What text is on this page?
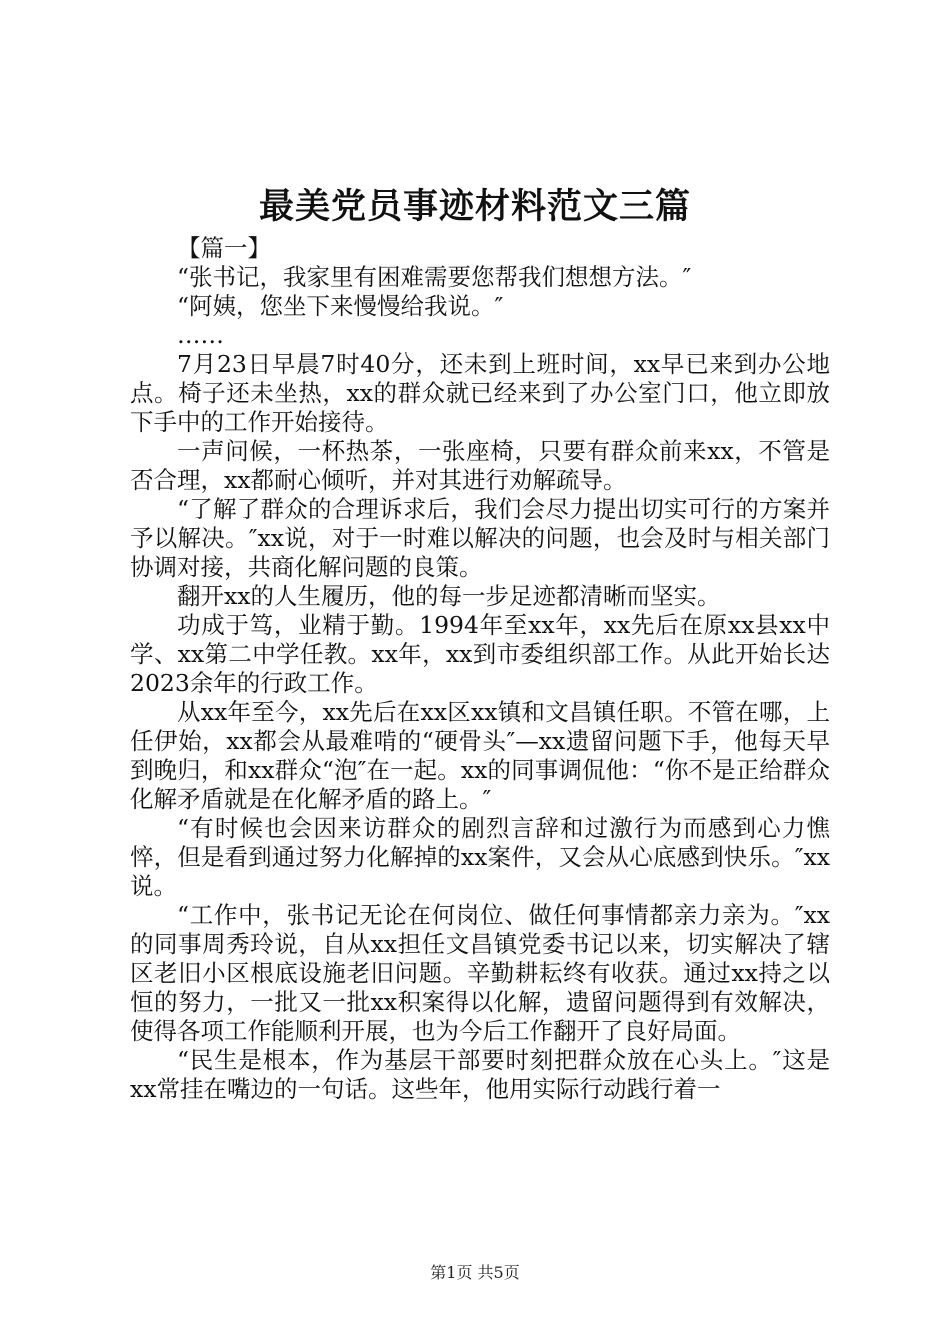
最美党员事迹材料范文三篇

【篇一】

“张书记，我家里有困难需要您帮我们想想方法。″

“阿姨，您坐下来慢慢给我说。″

……

7月23日早晨7时40分，还未到上班时间，xx早已来到办公地点。椅子还未坐热，xx的群众就已经来到了办公室门口，他立即放下手中的工作开始接待。

一声问候，一杯热茶，一张座椅，只要有群众前来xx，不管是否合理，xx都耐心倾听，并对其进行劝解疏导。

“了解了群众的合理诉求后，我们会尽力提出切实可行的方案并予以解决。″xx说，对于一时难以解决的问题，也会及时与相关部门协调对接，共商化解问题的良策。

翻开xx的人生履历，他的每一步足迹都清晰而坚实。

功成于笃，业精于勤。1994年至xx年，xx先后在原xx县xx中学、xx第二中学任教。xx年，xx到市委组织部工作。从此开始长达2023余年的行政工作。

从xx年至今，xx先后在xx区xx镇和文昌镇任职。不管在哪，上任伊始，xx都会从最难啃的“硬骨头″—xx遗留问题下手，他每天早到晚归，和xx群众“泡″在一起。xx的同事调侃他：“你不是正给群众化解矛盾就是在化解矛盾的路上。″

“有时候也会因来访群众的剧烈言辞和过激行为而感到心力憔悴，但是看到通过努力化解掉的xx案件，又会从心底感到快乐。″xx说。

“工作中，张书记无论在何岗位、做任何事情都亲力亲为。″xx的同事周秀玲说，自从xx担任文昌镇党委书记以来，切实解决了辖区老旧小区根底设施老旧问题。辛勤耕耘终有收获。通过xx持之以恒的努力，一批又一批xx积案得以化解，遗留问题得到有效解决，使得各项工作能顺利开展，也为今后工作翻开了良好局面。

“民生是根本，作为基层干部要时刻把群众放在心头上。″这是xx常挂在嘴边的一句话。这些年，他用实际行动践行着一

第1页 共5页
